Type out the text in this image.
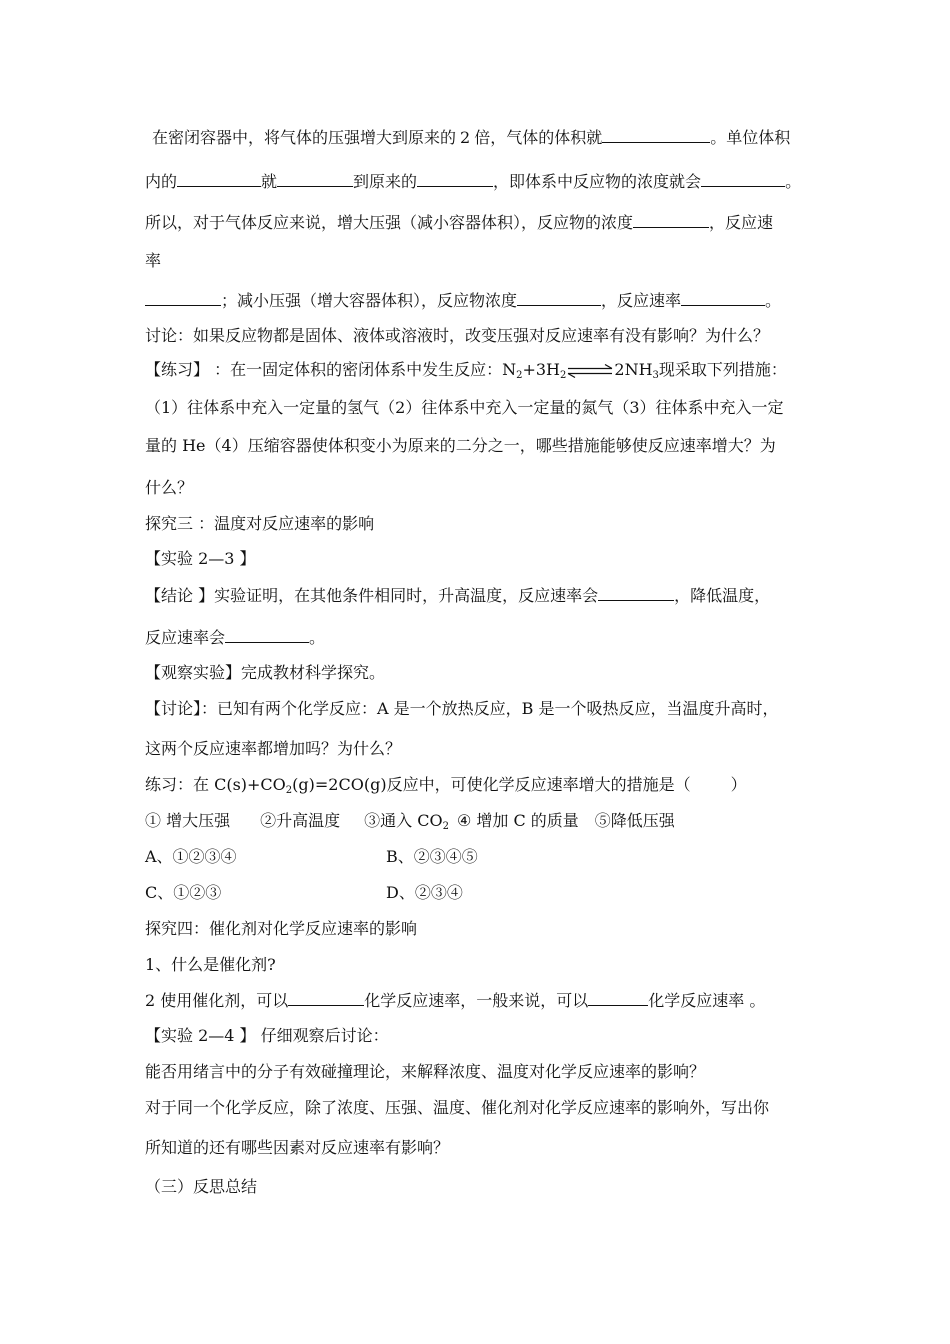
在密闭容器中，将气体的压强增大到原来的 2 倍，气体的体积就	。单位体积
内的	就	到原来的	，即体系中反应物的浓度就会	。
所以，对于气体反应来说，增大压强（减小容器体积），反应物的浓度	，反应速
率
；减小压强（增大容器体积），反应物浓度	，反应速率	。
讨论：如果反应物都是固体、液体或溶液时，改变压强对反应速率有没有影响？为什么？
【练习】 ：在一固定体积的密闭体系中发生反应：$N_2+3H_2\rightleftharpoons 2NH_3$现采取下列措施：
（1）往体系中充入一定量的氢气（2）往体系中充入一定量的氮气（3）往体系中充入一定
量的 He（4）压缩容器使体积变小为原来的二分之一，哪些措施能够使反应速率增大？为
什么？
探究三 ：温度对反应速率的影响
【实验 2—3 】
【结论 】实验证明，在其他条件相同时，升高温度，反应速率会	，降低温度，
反应速率会	。
【观察实验】完成教材科学探究。
【讨论】：已知有两个化学反应：A 是一个放热反应，B 是一个吸热反应，当温度升高时，
这两个反应速率都增加吗？为什么？
练习：在 $C(s)+CO_2(g)=2CO(g)$反应中，可使化学反应速率增大的措施是（	）
① 增大压强 ②升高温度 ③通入 $CO_2$ ④ 增加 C 的质量 ⑤降低压强
A、①②③④	B、②③④⑤
C、①②③	D、②③④
探究四：催化剂对化学反应速率的影响
1、什么是催化剂?
2 使用催化剂，可以	化学反应速率，一般来说，可以	化学反应速率 。
【实验 2—4 】 仔细观察后讨论：
能否用绪言中的分子有效碰撞理论，来解释浓度、温度对化学反应速率的影响？
对于同一个化学反应，除了浓度、压强、温度、催化剂对化学反应速率的影响外，写出你
所知道的还有哪些因素对反应速率有影响？
（三）反思总结
